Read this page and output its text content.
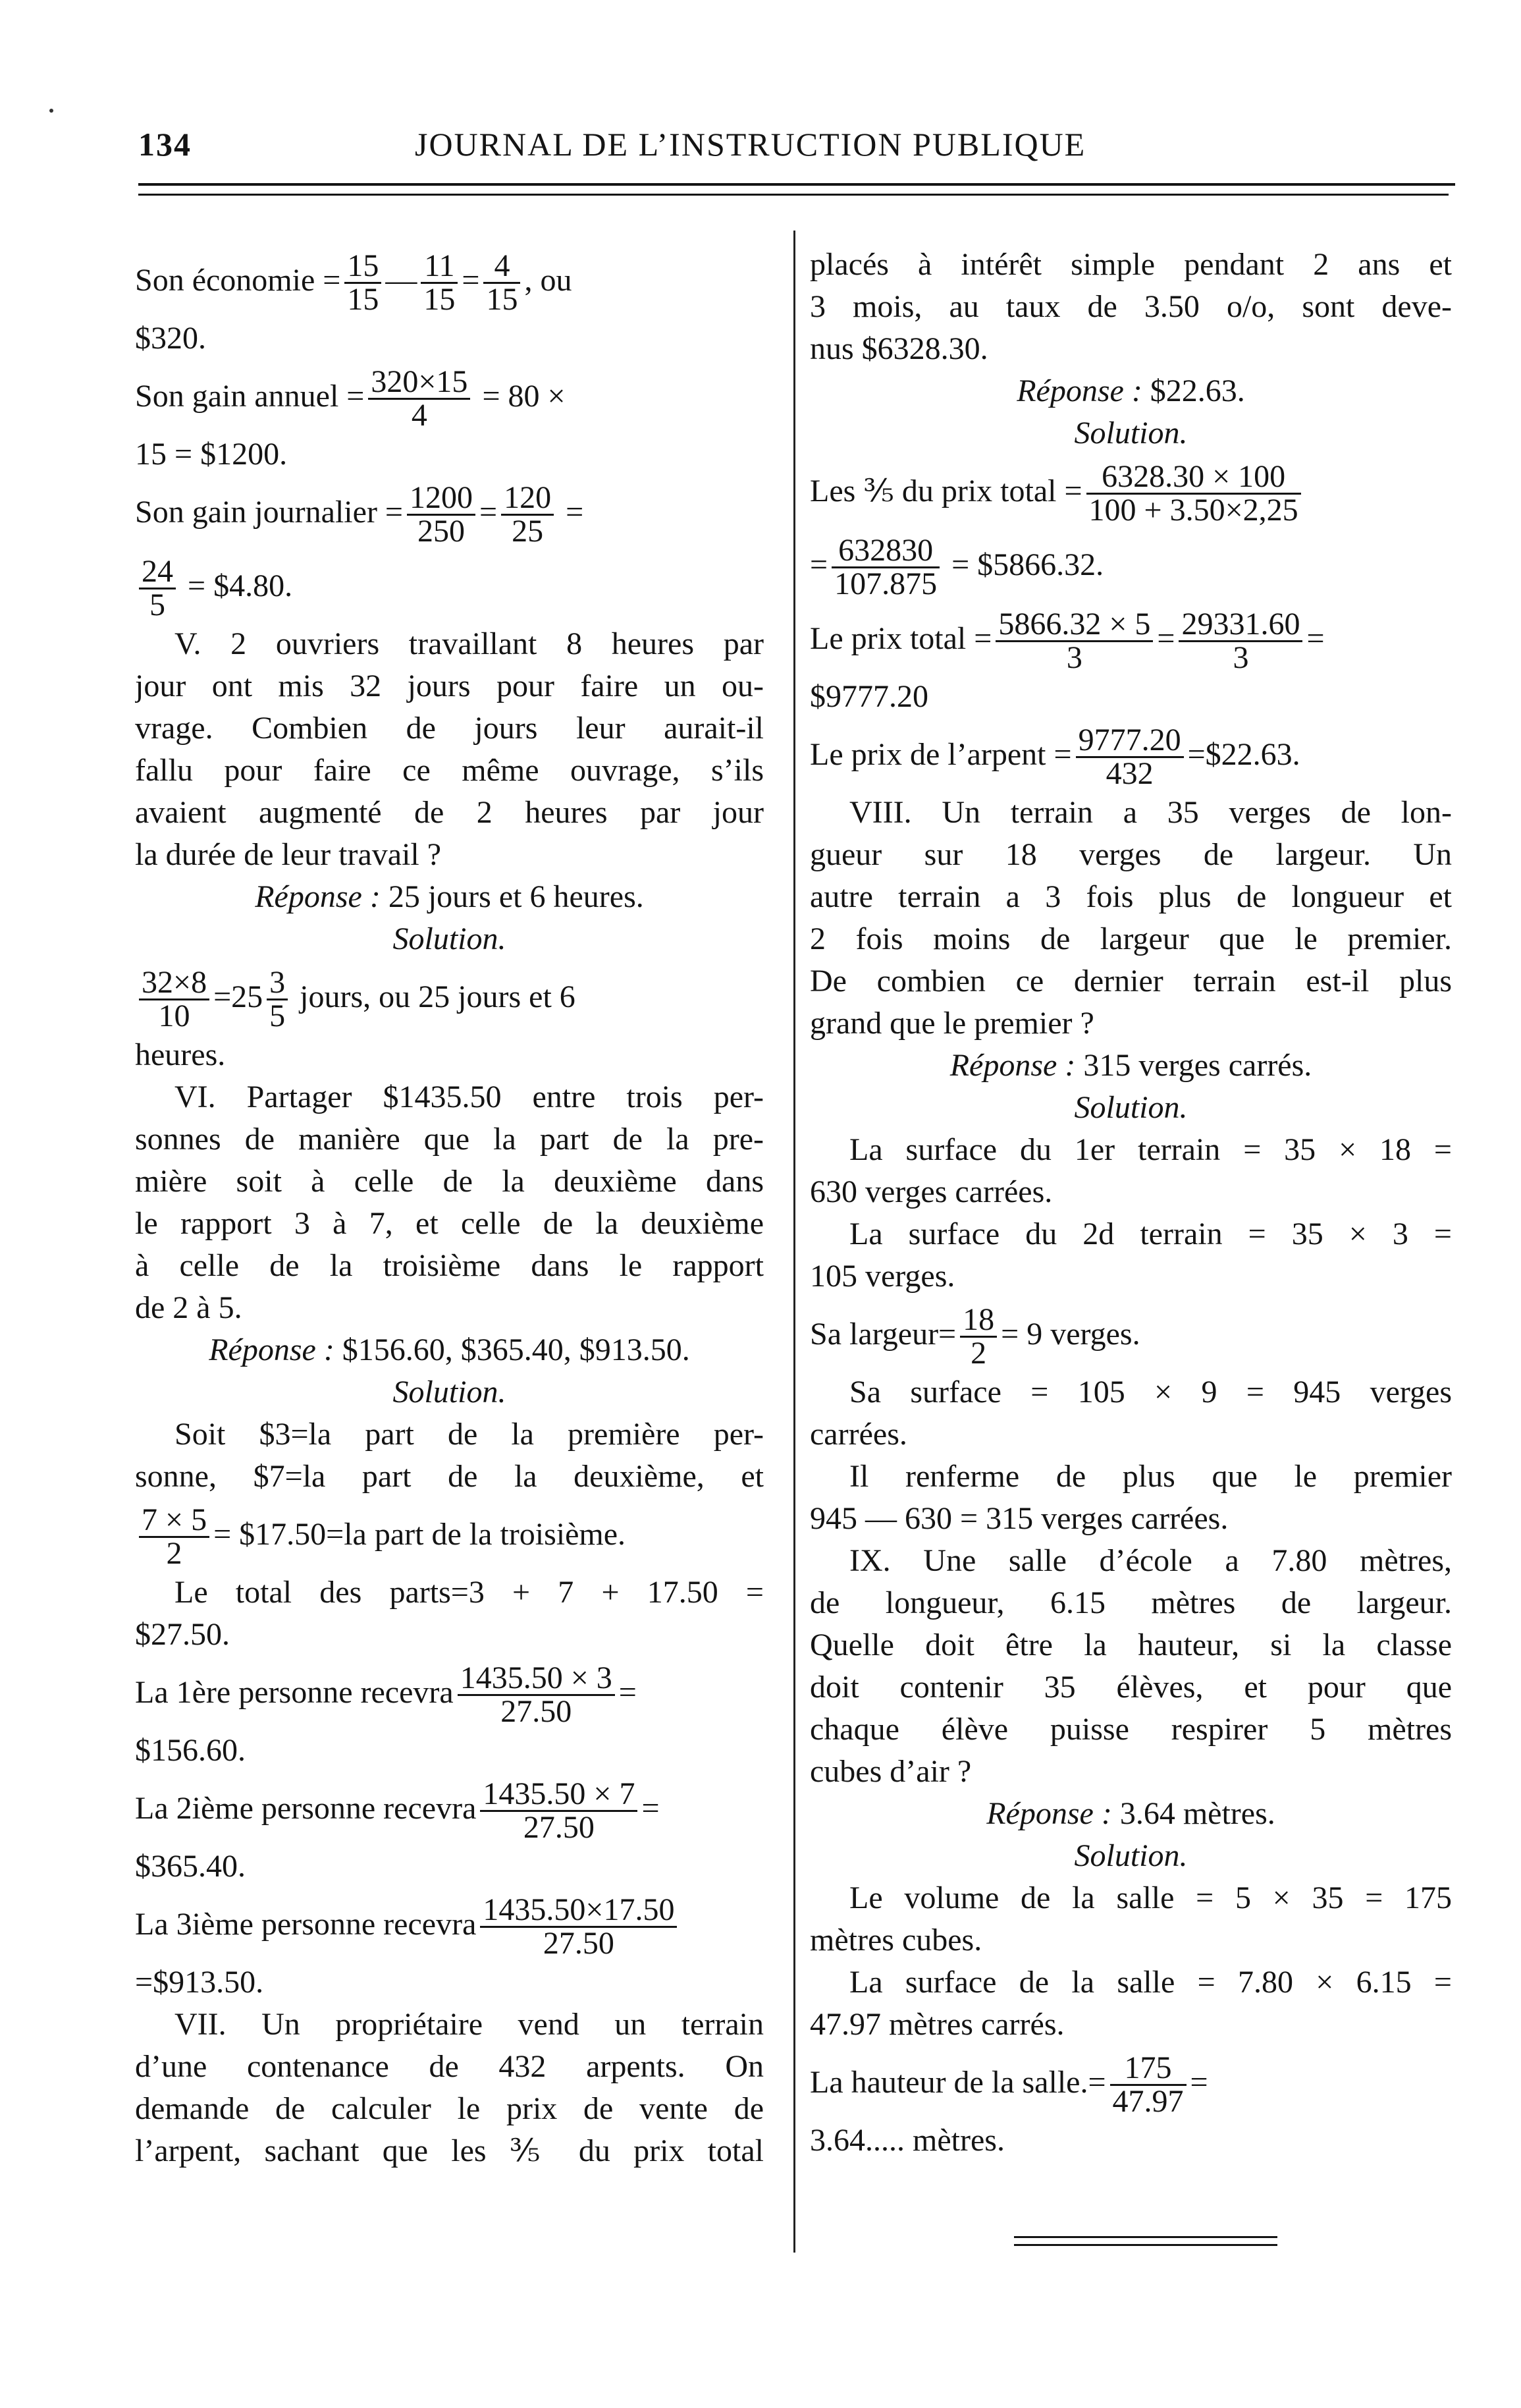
134	JOURNAL DE L’INSTRUCTION PUBLIQUE
Son économie = $\frac{15}{15}$ — $\frac{11}{15} = \frac{4}{15}$ , ou
$320.
Son gain annuel = $\frac{320\times 15}{4} = 80$ ×
15 = $1200.
Son gain journalier = $\frac{1200}{250} = \frac{120}{25}$ =
$\frac{24}{5}$ = $4.80.
V. 2 ouvriers travaillant 8 heures par
jour ont mis 32 jours pour faire un ou-
vrage. Combien de jours leur aurait-il
fallu pour faire ce même ouvrage, s’ils
avaient augmenté de 2 heures par jour
la durée de leur travail ?
Réponse : 25 jours et 6 heures.
Solution.
$\frac{32\times 8}{10} =25 \frac{3}{5}$ jours, ou 25 jours et 6
heures.
VI. Partager $1435.50 entre trois per-
sonnes de manière que la part de la pre-
mière soit à celle de la deuxième dans
le rapport 3 à 7, et celle de la deuxième
à celle de la troisième dans le rapport
de 2 à 5.
Réponse : $156.60, $365.40, $913.50.
Solution.
Soit $3=la part de la première per-
sonne, $7=la part de la deuxième, et
$\frac{7 \times 5}{2}$ = $17.50=la part de la troisième.
Le total des parts=3 + 7 + 17.50 =
$27.50.
La 1ère personne recevra $\frac{1435.50 \times 3}{27.50}$ =
$156.60.
La 2ième personne recevra $\frac{1435.50 \times 7}{27.50}$ =
$365.40.
La 3ième personne recevra $\frac{1435.50\times 17.50}{27.50}$
=$913.50.
VII. Un propriétaire vend un terrain
d’une contenance de 432 arpents. On
demande de calculer le prix de vente de
l’arpent, sachant que les ⅗ du prix total
placés à intérêt simple pendant 2 ans et
3 mois, au taux de 3.50 o/o, sont deve-
nus $6328.30.
Réponse : $22.63.
Solution.
Les ⅗ du prix total = $\frac{6328.30 \times 100}{100 + 3.50\times 2,25}$
= $\frac{632830}{107.875}$ = $5866.32.
Le prix total = $\frac{5866.32 \times 5}{3} = \frac{29331.60}{3}$ =
$9777.20
Le prix de l’arpent = $\frac{9777.20}{432}$ =$22.63.
VIII. Un terrain a 35 verges de lon-
gueur sur 18 verges de largeur. Un
autre terrain a 3 fois plus de longueur et
2 fois moins de largeur que le premier.
De combien ce dernier terrain est-il plus
grand que le premier ?
Réponse : 315 verges carrés.
Solution.
La surface du 1er terrain = 35 × 18 =
630 verges carrées.
La surface du 2d terrain = 35 × 3 =
105 verges.
Sa largeur= $\frac{18}{2} = 9$ verges.
Sa surface = 105 × 9 = 945 verges
carrées.
Il renferme de plus que le premier
945 — 630 = 315 verges carrées.
IX. Une salle d’école a 7.80 mètres,
de longueur, 6.15 mètres de largeur.
Quelle doit être la hauteur, si la classe
doit contenir 35 élèves, et pour que
chaque élève puisse respirer 5 mètres
cubes d’air ?
Réponse : 3.64 mètres.
Solution.
Le volume de la salle = 5 × 35 = 175
mètres cubes.
La surface de la salle = 7.80 × 6.15 =
47.97 mètres carrés.
La hauteur de la salle.= $\frac{175}{47.97}$ =
3.64..... mètres.
